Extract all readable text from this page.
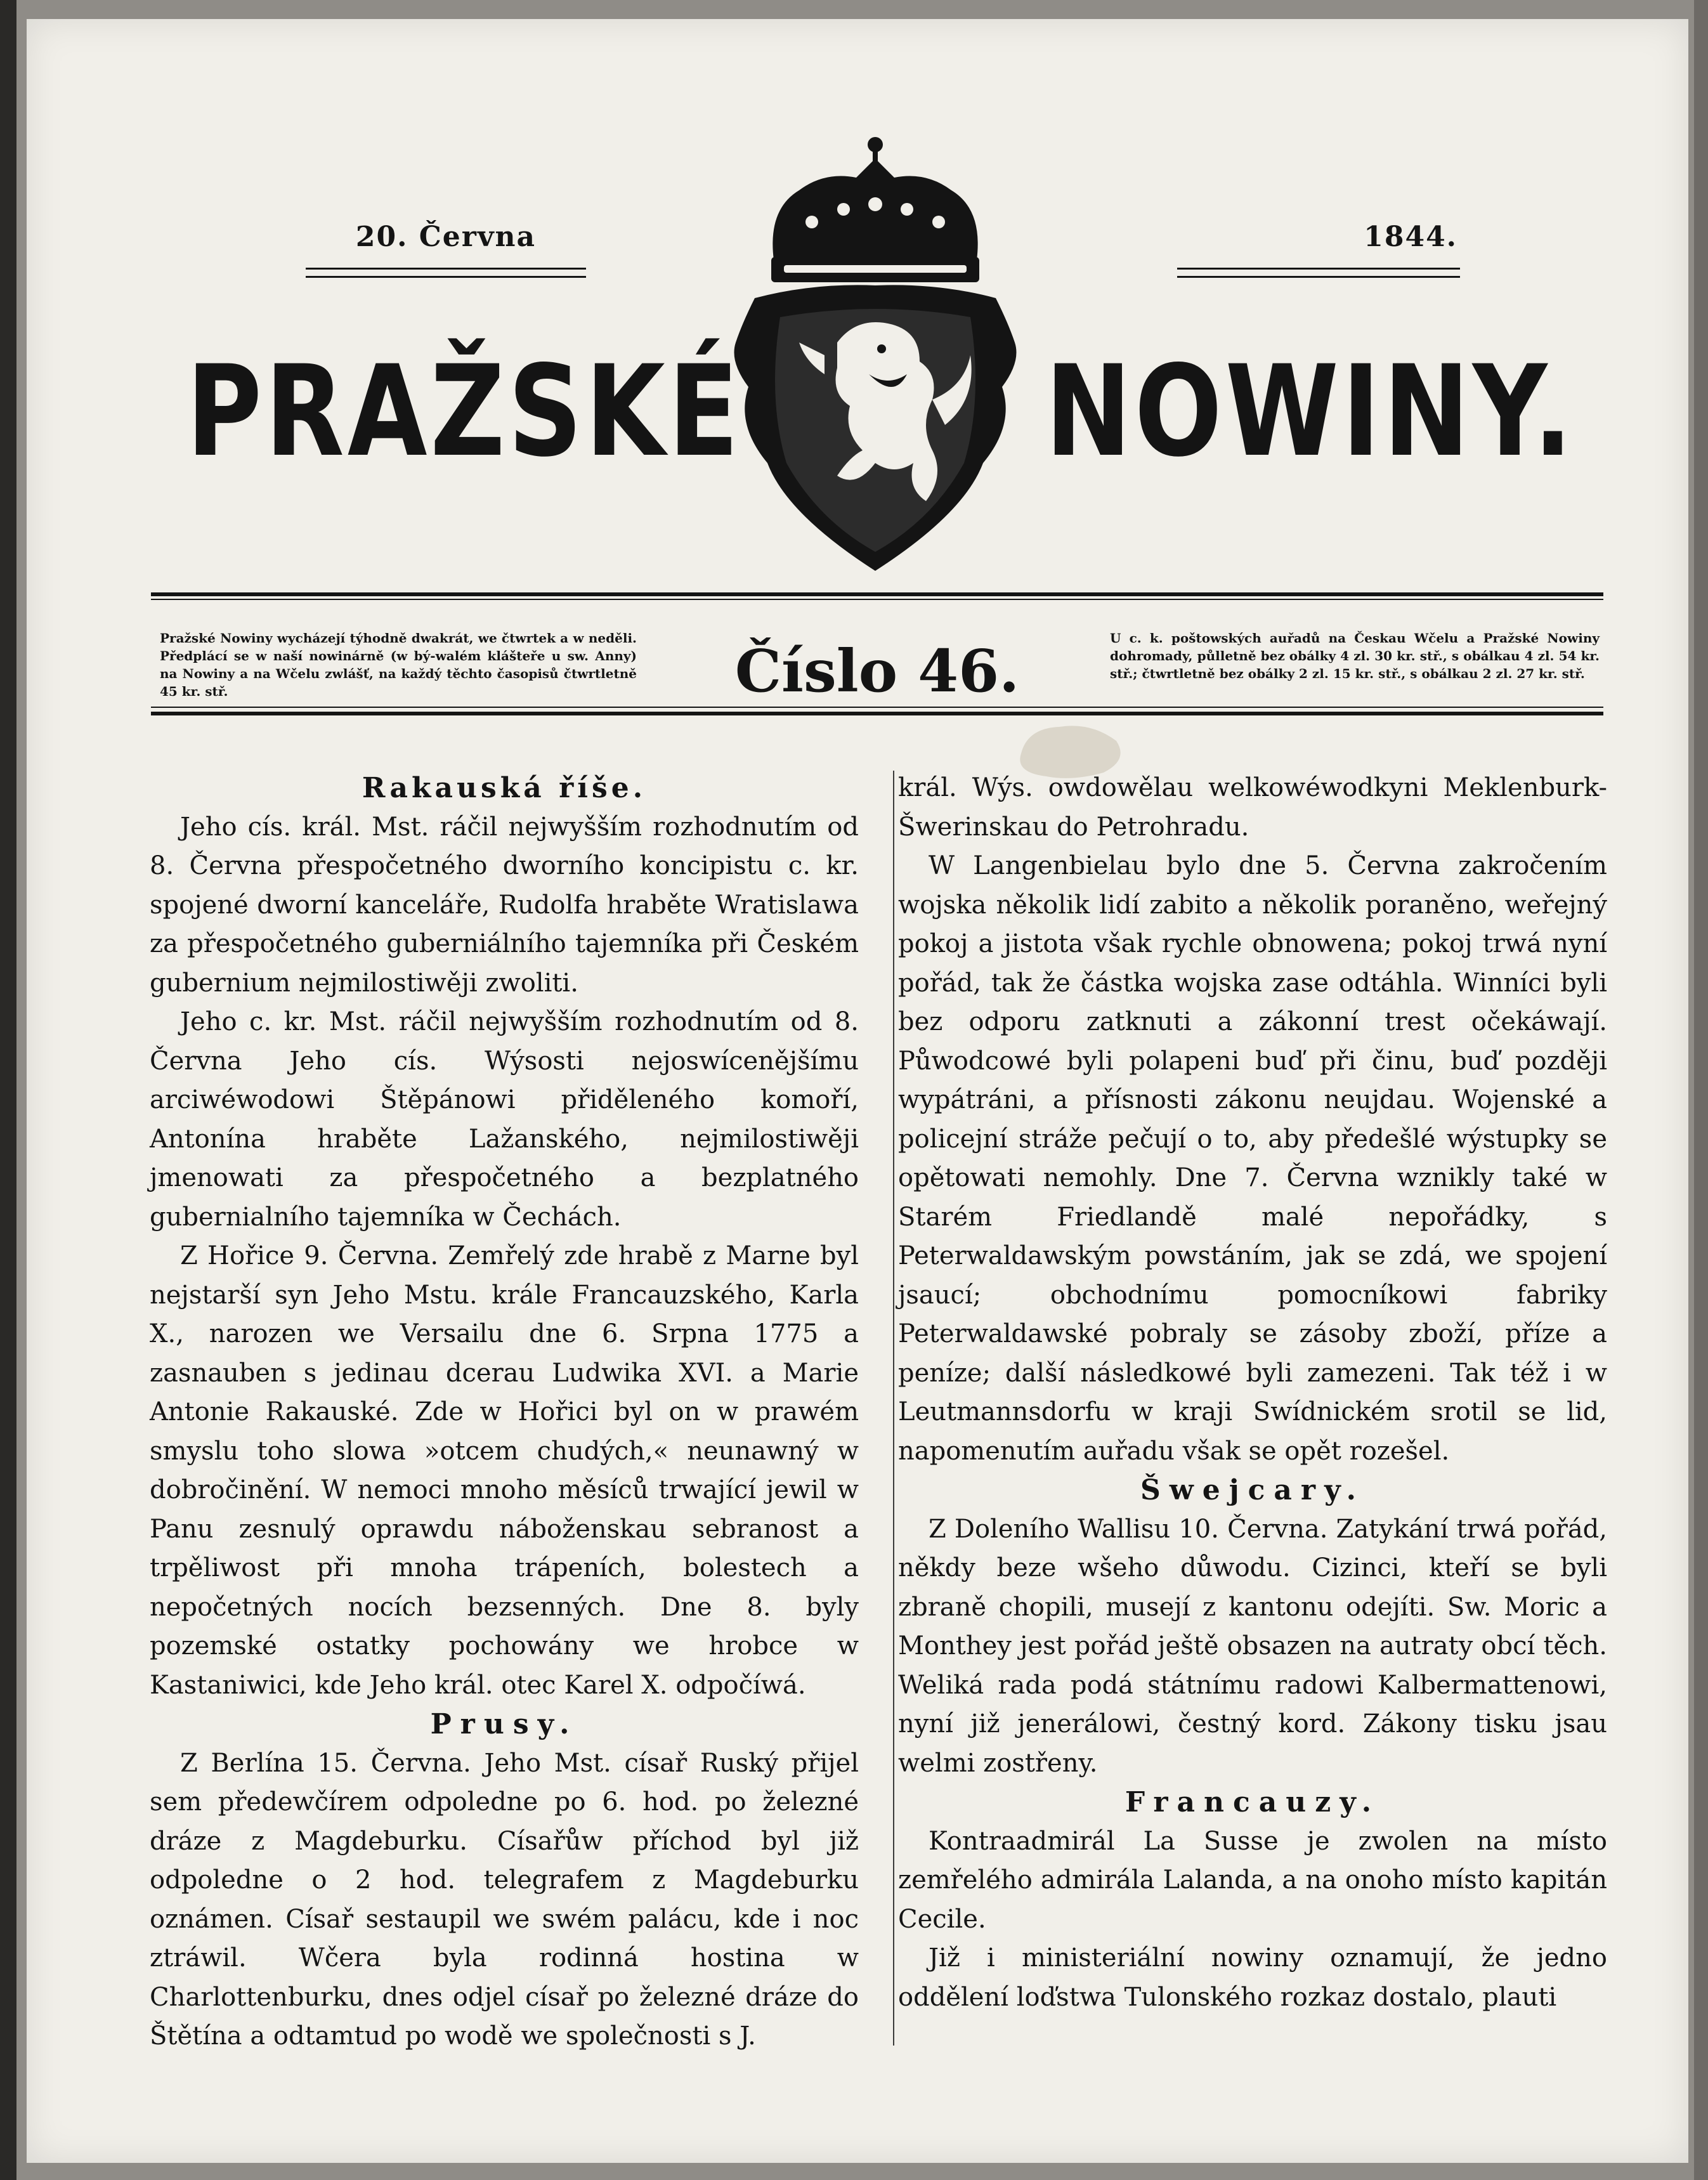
20. Června	1844.
PRAŽSKÉ NOWINY.
Pražské Nowiny wycházejí týhodně dwakrát, we čtwrtek a w neděli. Předplácí se w naší nowinárně (w bý-walém klášteře u sw. Anny) na Nowiny a na Wčelu zwlášť, na každý těchto časopisů čtwrtletně 45 kr. stř.	Číslo 46.	U c. k. poštowských auřadů na Českau Wčelu a Pražské Nowiny dohromady, půlletně bez obálky 4 zl. 30 kr. stř., s obálkau 4 zl. 54 kr. stř.; čtwrtletně bez obálky 2 zl. 15 kr. stř., s obálkau 2 zl. 27 kr. stř.

Rakauská říše.

Jeho cís. král. Mst. ráčil nejwyšším rozhodnutím od 8. Června přespočetného dworního koncipistu c. kr. spojené dworní kanceláře, Rudolfa hraběte Wratislawa za přespočetného guberniálního tajemníka při Českém gubernium nejmilostiwěji zwoliti.

Jeho c. kr. Mst. ráčil nejwyšším rozhodnutím od 8. Června Jeho cís. Wýsosti nejoswícenějšímu arciwéwodowi Štěpánowi přiděleného komoří, Antonína hraběte Lažanského, nejmilostiwěji jmenowati za přespočetného a bezplatného gubernialního tajemníka w Čechách.

Z Hořice 9. Června. Zemřelý zde hrabě z Marne byl nejstarší syn Jeho Mstu. krále Francauzského, Karla X., narozen we Versailu dne 6. Srpna 1775 a zasnauben s jedinau dcerau Ludwika XVI. a Marie Antonie Rakauské. Zde w Hořici byl on w prawém smyslu toho slowa »otcem chudých,« neunawný w dobročinění. W nemoci mnoho měsíců trwající jewil w Panu zesnulý oprawdu nábožen​skau sebranost a trpěliwost při mnoha trápeních, bolestech a nepočetných nocích bezsenných. Dne 8. byly pozemské ostatky pochowány we hrobce w Kastaniwici, kde Jeho král. otec Karel X. odpočíwá.

Prusy.

Z Berlína 15. Června. Jeho Mst. císař Ruský přijel sem předewčírem odpoledne po 6. hod. po železné dráze z Magdeburku. Císařůw příchod byl již odpoledne o 2 hod. telegrafem z Magdeburku oznámen. Císař sestaupil we swém palácu, kde i noc ztráwil. Wčera byla rodinná hostina w Charlottenburku, dnes odjel císař po železné dráze do Štětína a odtamtud po wodě we společnosti s J.

král. Wýs. owdowělau welkowéwodkyni Meklenburk-Šwerinskau do Petrohradu.

W Langenbielau bylo dne 5. Června zakročením wojska několik lidí zabito a několik poraněno, weřejný pokoj a jistota však rychle obnowena; pokoj trwá nyní pořád, tak že částka wojska zase odtáhla. Winníci byli bez odporu zatknuti a zákonní trest očekáwají. Půwodcowé byli polapeni buď při činu, buď později wypátráni, a přísnosti zákonu neujdau. Wojenské a policejní stráže pečují o to, aby předešlé wýstupky se opětowati nemohly. Dne 7. Června wznikly také w Starém Friedlandě malé nepořádky, s Peterwaldawským powstáním, jak se zdá, we spojení jsaucí; obchodnímu pomocníkowi fabriky Peterwaldawské pobraly se zásoby zboží, příze a peníze; další následkowé byli zamezeni. Tak též i w Leutmannsdorfu w kraji Swídnickém srotil se lid, napomenutím auřadu však se opět rozešel.

Šwejcary.

Z Doleního Wallisu 10. Června. Zatykání trwá pořád, někdy beze wšeho důwodu. Cizinci, kteří se byli zbraně chopili, musejí z kantonu odejíti. Sw. Moric a Monthey jest pořád ještě obsazen na autraty obcí těch. Weliká rada podá státnímu radowi Kalbermattenowi, nyní již jenerálowi, čestný kord. Zákony tisku jsau welmi zostřeny.

Francauzy.

Kontraadmirál La Susse je zwolen na místo zemřelého admirála Lalanda, a na onoho místo kapitán Cecile.

Již i ministeriální nowiny oznamují, že jedno oddělení loďstwa Tulonského rozkaz dostalo, plauti
